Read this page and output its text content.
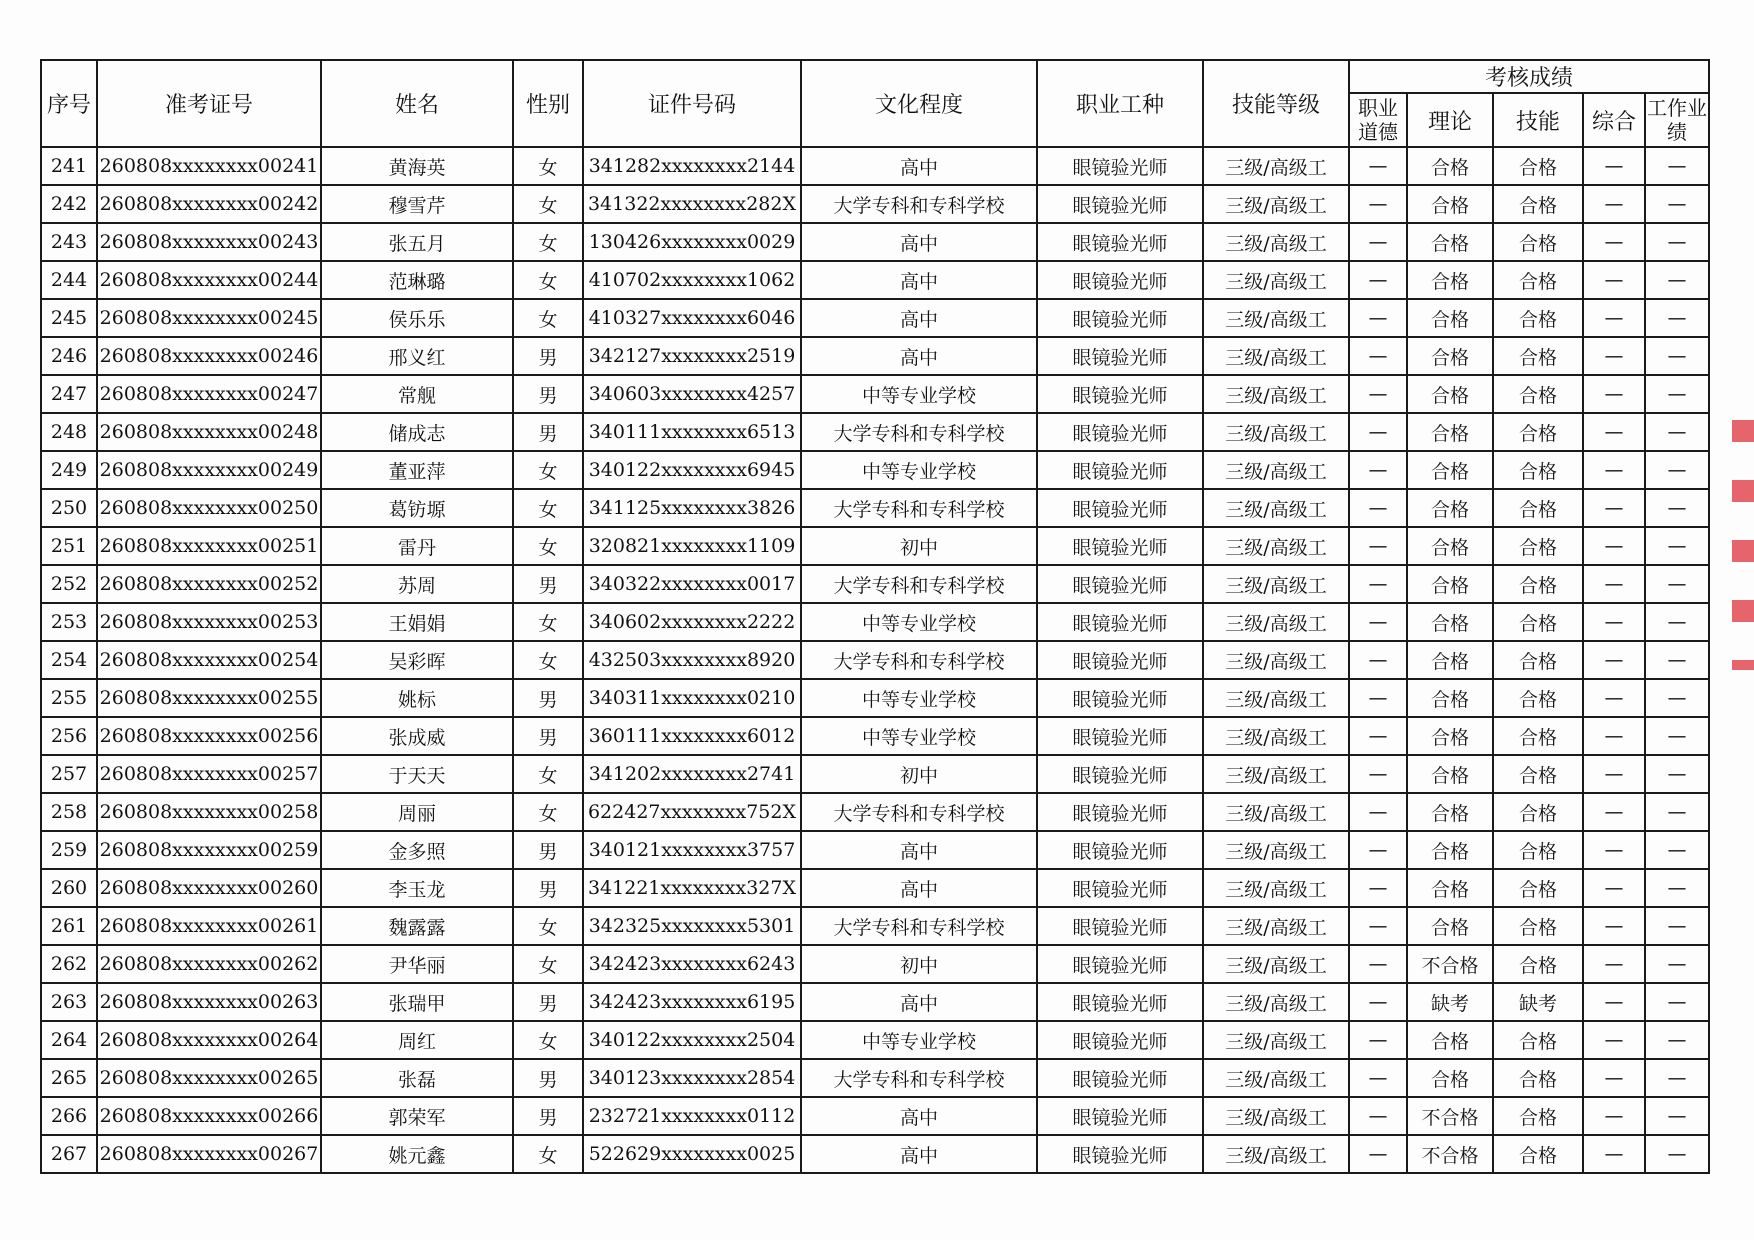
序号	准考证号	姓名	性别	证件号码	文化程度	职业工种	技能等级	考核成绩				
								职业道德	理论	技能	综合	工作业绩
241	260808xxxxxxxx00241	黄海英	女	341282xxxxxxxx2144	高中	眼镜验光师	三级/高级工	—	合格	合格	—	—
242	260808xxxxxxxx00242	穆雪芹	女	341322xxxxxxxx282X	大学专科和专科学校	眼镜验光师	三级/高级工	—	合格	合格	—	—
243	260808xxxxxxxx00243	张五月	女	130426xxxxxxxx0029	高中	眼镜验光师	三级/高级工	—	合格	合格	—	—
244	260808xxxxxxxx00244	范琳璐	女	410702xxxxxxxx1062	高中	眼镜验光师	三级/高级工	—	合格	合格	—	—
245	260808xxxxxxxx00245	侯乐乐	女	410327xxxxxxxx6046	高中	眼镜验光师	三级/高级工	—	合格	合格	—	—
246	260808xxxxxxxx00246	邢义红	男	342127xxxxxxxx2519	高中	眼镜验光师	三级/高级工	—	合格	合格	—	—
247	260808xxxxxxxx00247	常舰	男	340603xxxxxxxx4257	中等专业学校	眼镜验光师	三级/高级工	—	合格	合格	—	—
248	260808xxxxxxxx00248	储成志	男	340111xxxxxxxx6513	大学专科和专科学校	眼镜验光师	三级/高级工	—	合格	合格	—	—
249	260808xxxxxxxx00249	董亚萍	女	340122xxxxxxxx6945	中等专业学校	眼镜验光师	三级/高级工	—	合格	合格	—	—
250	260808xxxxxxxx00250	葛钫塬	女	341125xxxxxxxx3826	大学专科和专科学校	眼镜验光师	三级/高级工	—	合格	合格	—	—
251	260808xxxxxxxx00251	雷丹	女	320821xxxxxxxx1109	初中	眼镜验光师	三级/高级工	—	合格	合格	—	—
252	260808xxxxxxxx00252	苏周	男	340322xxxxxxxx0017	大学专科和专科学校	眼镜验光师	三级/高级工	—	合格	合格	—	—
253	260808xxxxxxxx00253	王娟娟	女	340602xxxxxxxx2222	中等专业学校	眼镜验光师	三级/高级工	—	合格	合格	—	—
254	260808xxxxxxxx00254	吴彩晖	女	432503xxxxxxxx8920	大学专科和专科学校	眼镜验光师	三级/高级工	—	合格	合格	—	—
255	260808xxxxxxxx00255	姚标	男	340311xxxxxxxx0210	中等专业学校	眼镜验光师	三级/高级工	—	合格	合格	—	—
256	260808xxxxxxxx00256	张成威	男	360111xxxxxxxx6012	中等专业学校	眼镜验光师	三级/高级工	—	合格	合格	—	—
257	260808xxxxxxxx00257	于天天	女	341202xxxxxxxx2741	初中	眼镜验光师	三级/高级工	—	合格	合格	—	—
258	260808xxxxxxxx00258	周丽	女	622427xxxxxxxx752X	大学专科和专科学校	眼镜验光师	三级/高级工	—	合格	合格	—	—
259	260808xxxxxxxx00259	金多照	男	340121xxxxxxxx3757	高中	眼镜验光师	三级/高级工	—	合格	合格	—	—
260	260808xxxxxxxx00260	李玉龙	男	341221xxxxxxxx327X	高中	眼镜验光师	三级/高级工	—	合格	合格	—	—
261	260808xxxxxxxx00261	魏露露	女	342325xxxxxxxx5301	大学专科和专科学校	眼镜验光师	三级/高级工	—	合格	合格	—	—
262	260808xxxxxxxx00262	尹华丽	女	342423xxxxxxxx6243	初中	眼镜验光师	三级/高级工	—	不合格	合格	—	—
263	260808xxxxxxxx00263	张瑞甲	男	342423xxxxxxxx6195	高中	眼镜验光师	三级/高级工	—	缺考	缺考	—	—
264	260808xxxxxxxx00264	周红	女	340122xxxxxxxx2504	中等专业学校	眼镜验光师	三级/高级工	—	合格	合格	—	—
265	260808xxxxxxxx00265	张磊	男	340123xxxxxxxx2854	大学专科和专科学校	眼镜验光师	三级/高级工	—	合格	合格	—	—
266	260808xxxxxxxx00266	郭荣军	男	232721xxxxxxxx0112	高中	眼镜验光师	三级/高级工	—	不合格	合格	—	—
267	260808xxxxxxxx00267	姚元鑫	女	522629xxxxxxxx0025	高中	眼镜验光师	三级/高级工	—	不合格	合格	—	—
